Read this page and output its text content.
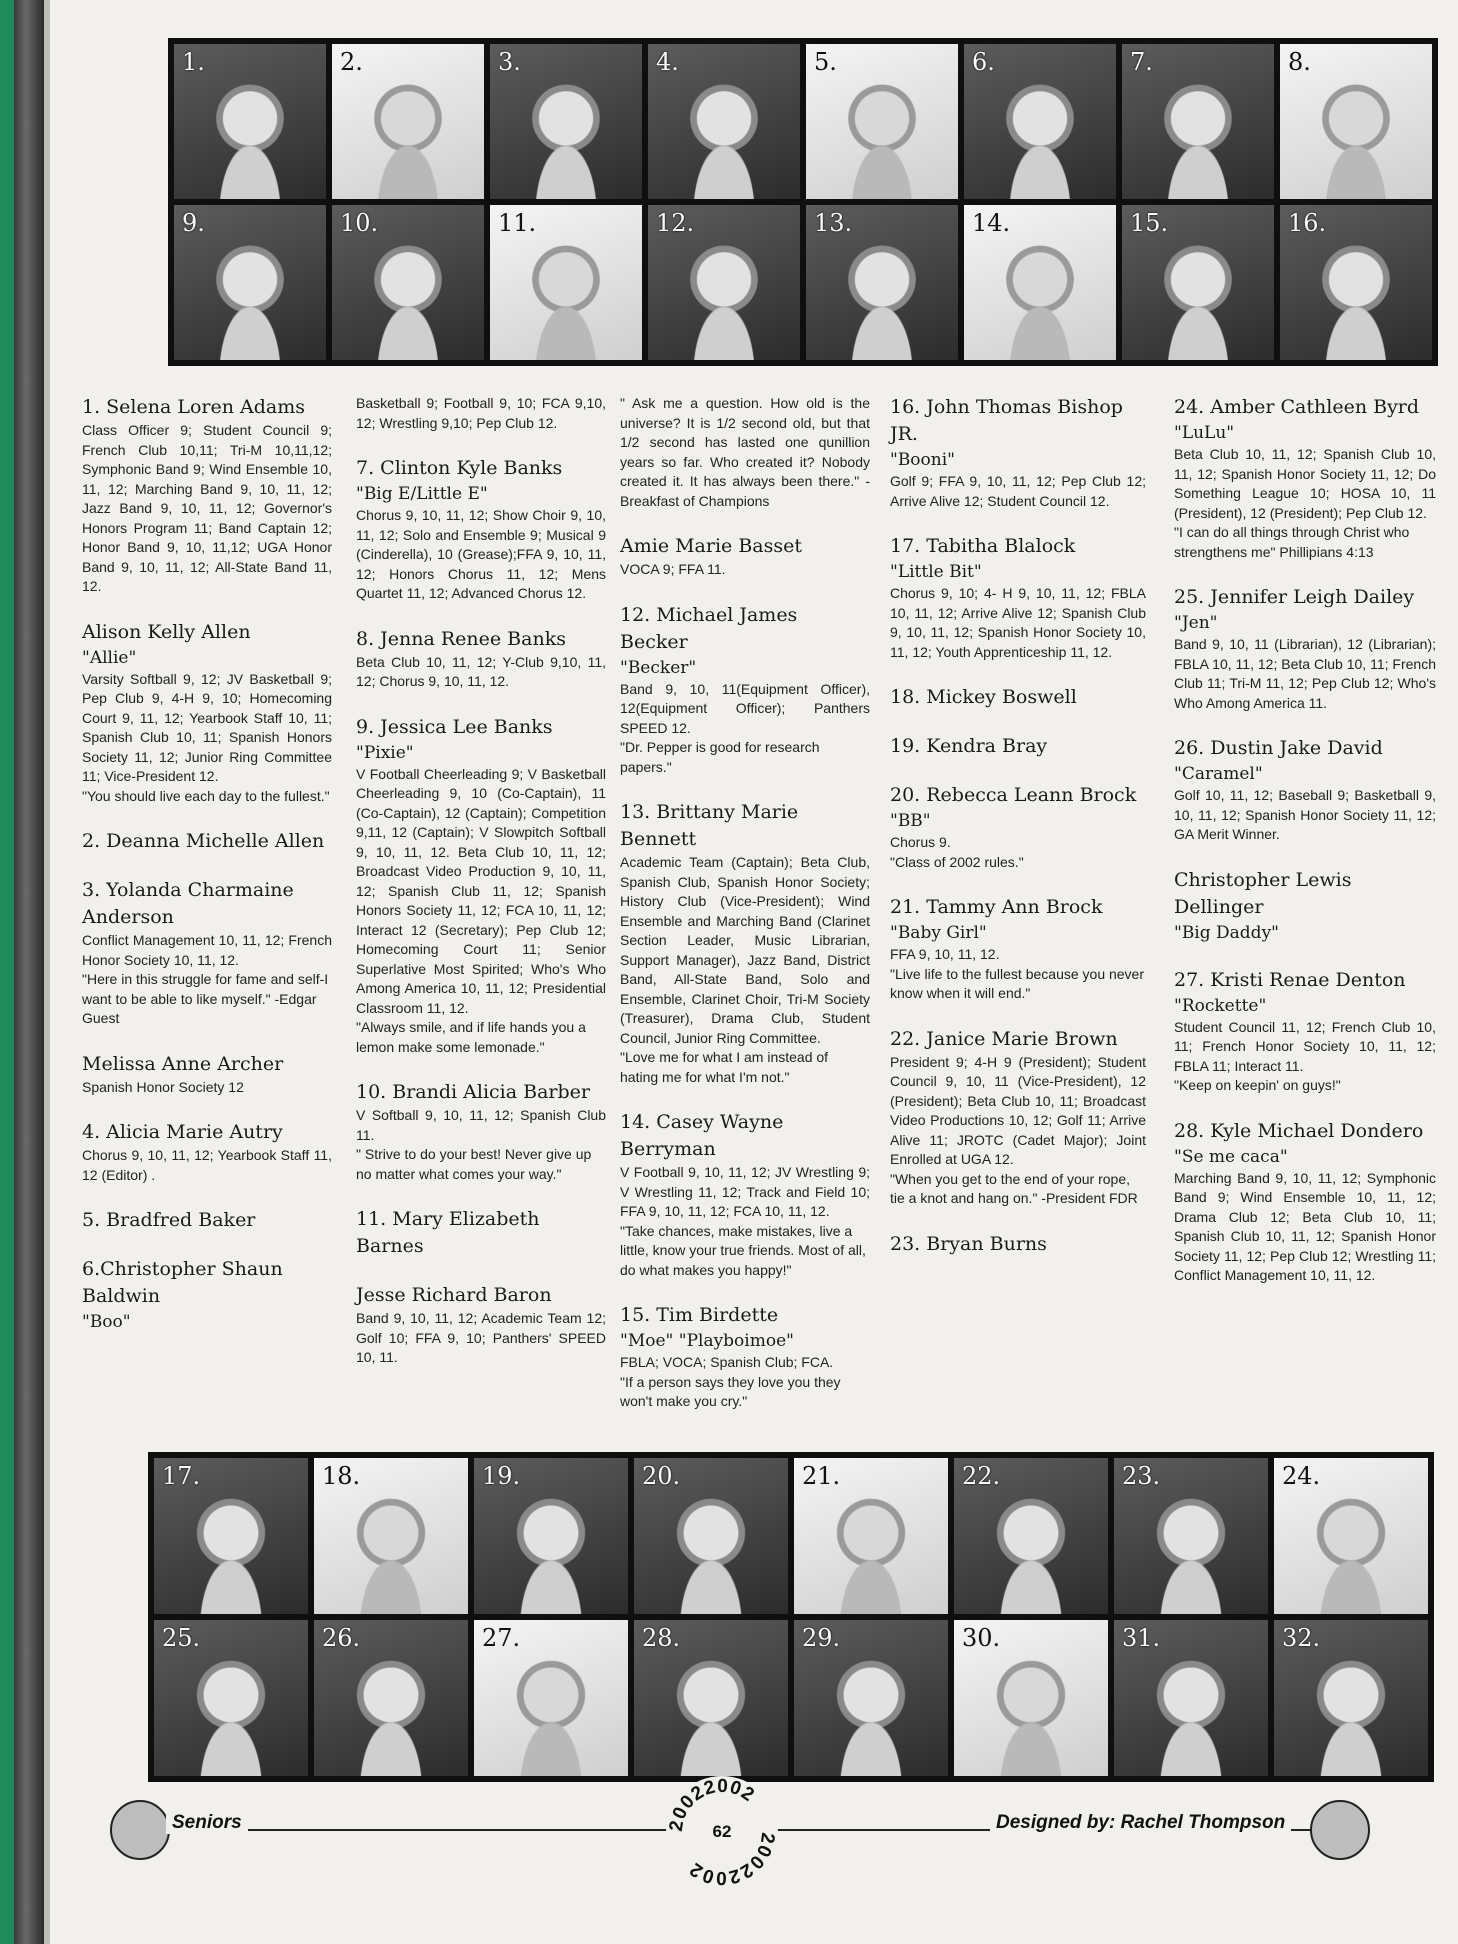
1.	2.	3.	4.	5.	6.	7.	8.
9.	10.	11.	12.	13.	14.	15.	16.
1. Selena Loren Adams
Class Officer 9; Student Council 9; French Club 10,11; Tri-M 10,11,12; Symphonic Band 9; Wind Ensemble 10, 11, 12; Marching Band 9, 10, 11, 12; Jazz Band 9, 10, 11, 12; Governor's Honors Program 11; Band Captain 12; Honor Band 9, 10, 11,12; UGA Honor Band 9, 10, 11, 12; All-State Band 11, 12.
Alison Kelly Allen
"Allie"
Varsity Softball 9, 12; JV Basketball 9; Pep Club 9, 4-H 9, 10; Homecoming Court 9, 11, 12; Yearbook Staff 10, 11; Spanish Club 10, 11; Spanish Honors Society 11, 12; Junior Ring Committee 11; Vice-President 12.
"You should live each day to the fullest."
2. Deanna Michelle Allen
3. Yolanda Charmaine Anderson
Conflict Management 10, 11, 12; French Honor Society 10, 11, 12.
"Here in this struggle for fame and self-I want to be able to like myself." -Edgar Guest
Melissa Anne Archer
Spanish Honor Society 12
4. Alicia Marie Autry
Chorus 9, 10, 11, 12; Yearbook Staff 11, 12 (Editor) .
5. Bradfred Baker
6.Christopher Shaun Baldwin
"Boo"
Basketball 9; Football 9, 10; FCA 9,10, 12; Wrestling 9,10; Pep Club 12.
7. Clinton Kyle Banks
"Big E/Little E"
Chorus 9, 10, 11, 12; Show Choir 9, 10, 11, 12; Solo and Ensemble 9; Musical 9 (Cinderella), 10 (Grease);FFA 9, 10, 11, 12; Honors Chorus 11, 12; Mens Quartet 11, 12; Advanced Chorus 12.
8. Jenna Renee Banks
Beta Club 10, 11, 12; Y-Club 9,10, 11, 12; Chorus 9, 10, 11, 12.
9. Jessica Lee Banks
"Pixie"
V Football Cheerleading 9; V Basketball Cheerleading 9, 10 (Co-Captain), 11 (Co-Captain), 12 (Captain); Competition 9,11, 12 (Captain); V Slowpitch Softball 9, 10, 11, 12. Beta Club 10, 11, 12; Broadcast Video Production 9, 10, 11, 12; Spanish Club 11, 12; Spanish Honors Society 11, 12; FCA 10, 11, 12; Interact 12 (Secretary); Pep Club 12; Homecoming Court 11; Senior Superlative Most Spirited; Who's Who Among America 10, 11, 12; Presidential Classroom 11, 12.
"Always smile, and if life hands you a lemon make some lemonade."
10. Brandi Alicia Barber
V Softball 9, 10, 11, 12; Spanish Club 11.
" Strive to do your best! Never give up no matter what comes your way."
11. Mary Elizabeth Barnes
Jesse Richard Baron
Band 9, 10, 11, 12; Academic Team 12; Golf 10; FFA 9, 10; Panthers' SPEED 10, 11.
" Ask me a question. How old is the universe? It is 1/2 second old, but that 1/2 second has lasted one qunillion years so far. Who created it? Nobody created it. It has always been there." -Breakfast of Champions
Amie Marie Basset
VOCA 9; FFA 11.
12. Michael James Becker
"Becker"
Band 9, 10, 11(Equipment Officer), 12(Equipment Officer); Panthers SPEED 12.
"Dr. Pepper is good for research papers."
13. Brittany Marie Bennett
Academic Team (Captain); Beta Club, Spanish Club, Spanish Honor Society; History Club (Vice-President); Wind Ensemble and Marching Band (Clarinet Section Leader, Music Librarian, Support Manager), Jazz Band, District Band, All-State Band, Solo and Ensemble, Clarinet Choir, Tri-M Society (Treasurer), Drama Club, Student Council, Junior Ring Committee.
"Love me for what I am instead of hating me for what I'm not."
14. Casey Wayne Berryman
V Football 9, 10, 11, 12; JV Wrestling 9; V Wrestling 11, 12; Track and Field 10; FFA 9, 10, 11, 12; FCA 10, 11, 12.
"Take chances, make mistakes, live a little, know your true friends. Most of all, do what makes you happy!"
15. Tim Birdette
"Moe" "Playboimoe"
FBLA; VOCA; Spanish Club; FCA.
"If a person says they love you they won't make you cry."
16. John Thomas Bishop JR.
"Booni"
Golf 9; FFA 9, 10, 11, 12; Pep Club 12; Arrive Alive 12; Student Council 12.
17. Tabitha Blalock
"Little Bit"
Chorus 9, 10; 4- H 9, 10, 11, 12; FBLA 10, 11, 12; Arrive Alive 12; Spanish Club 9, 10, 11, 12; Spanish Honor Society 10, 11, 12; Youth Apprenticeship 11, 12.
18. Mickey Boswell
19. Kendra Bray
20. Rebecca Leann Brock
"BB"
Chorus 9.
"Class of 2002 rules."
21. Tammy Ann Brock
"Baby Girl"
FFA 9, 10, 11, 12.
"Live life to the fullest because you never know when it will end."
22. Janice Marie Brown
President 9; 4-H 9 (President); Student Council 9, 10, 11 (Vice-President), 12 (President); Beta Club 10, 11; Broadcast Video Productions 10, 12; Golf 11; Arrive Alive 11; JROTC (Cadet Major); Joint Enrolled at UGA 12.
"When you get to the end of your rope, tie a knot and hang on." -President FDR
23. Bryan Burns
24. Amber Cathleen Byrd
"LuLu"
Beta Club 10, 11, 12; Spanish Club 10, 11, 12; Spanish Honor Society 11, 12; Do Something League 10; HOSA 10, 11 (President), 12 (President); Pep Club 12.
"I can do all things through Christ who strengthens me" Phillipians 4:13
25. Jennifer Leigh Dailey
"Jen"
Band 9, 10, 11 (Librarian), 12 (Librarian); FBLA 10, 11, 12; Beta Club 10, 11; French Club 11; Tri-M 11, 12; Pep Club 12; Who's Who Among America 11.
26. Dustin Jake David
"Caramel"
Golf 10, 11, 12; Baseball 9; Basketball 9, 10, 11, 12; Spanish Honor Society 11, 12; GA Merit Winner.
Christopher Lewis Dellinger
"Big Daddy"
27. Kristi Renae Denton
"Rockette"
Student Council 11, 12; French Club 10, 11; French Honor Society 10, 11, 12; FBLA 11; Interact 11.
"Keep on keepin' on guys!"
28. Kyle Michael Dondero
"Se me caca"
Marching Band 9, 10, 11, 12; Symphonic Band 9; Wind Ensemble 10, 11, 12; Drama Club 12; Beta Club 10, 11; Spanish Club 10, 11, 12; Spanish Honor Society 11, 12; Pep Club 12; Wrestling 11; Conflict Management 10, 11, 12.
17.	18.	19.	20.	21.	22.	23.	24.
25.	26.	27.	28.	29.	30.	31.	32.
Seniors	Designed by: Rachel Thompson
20022002
20022002
62
